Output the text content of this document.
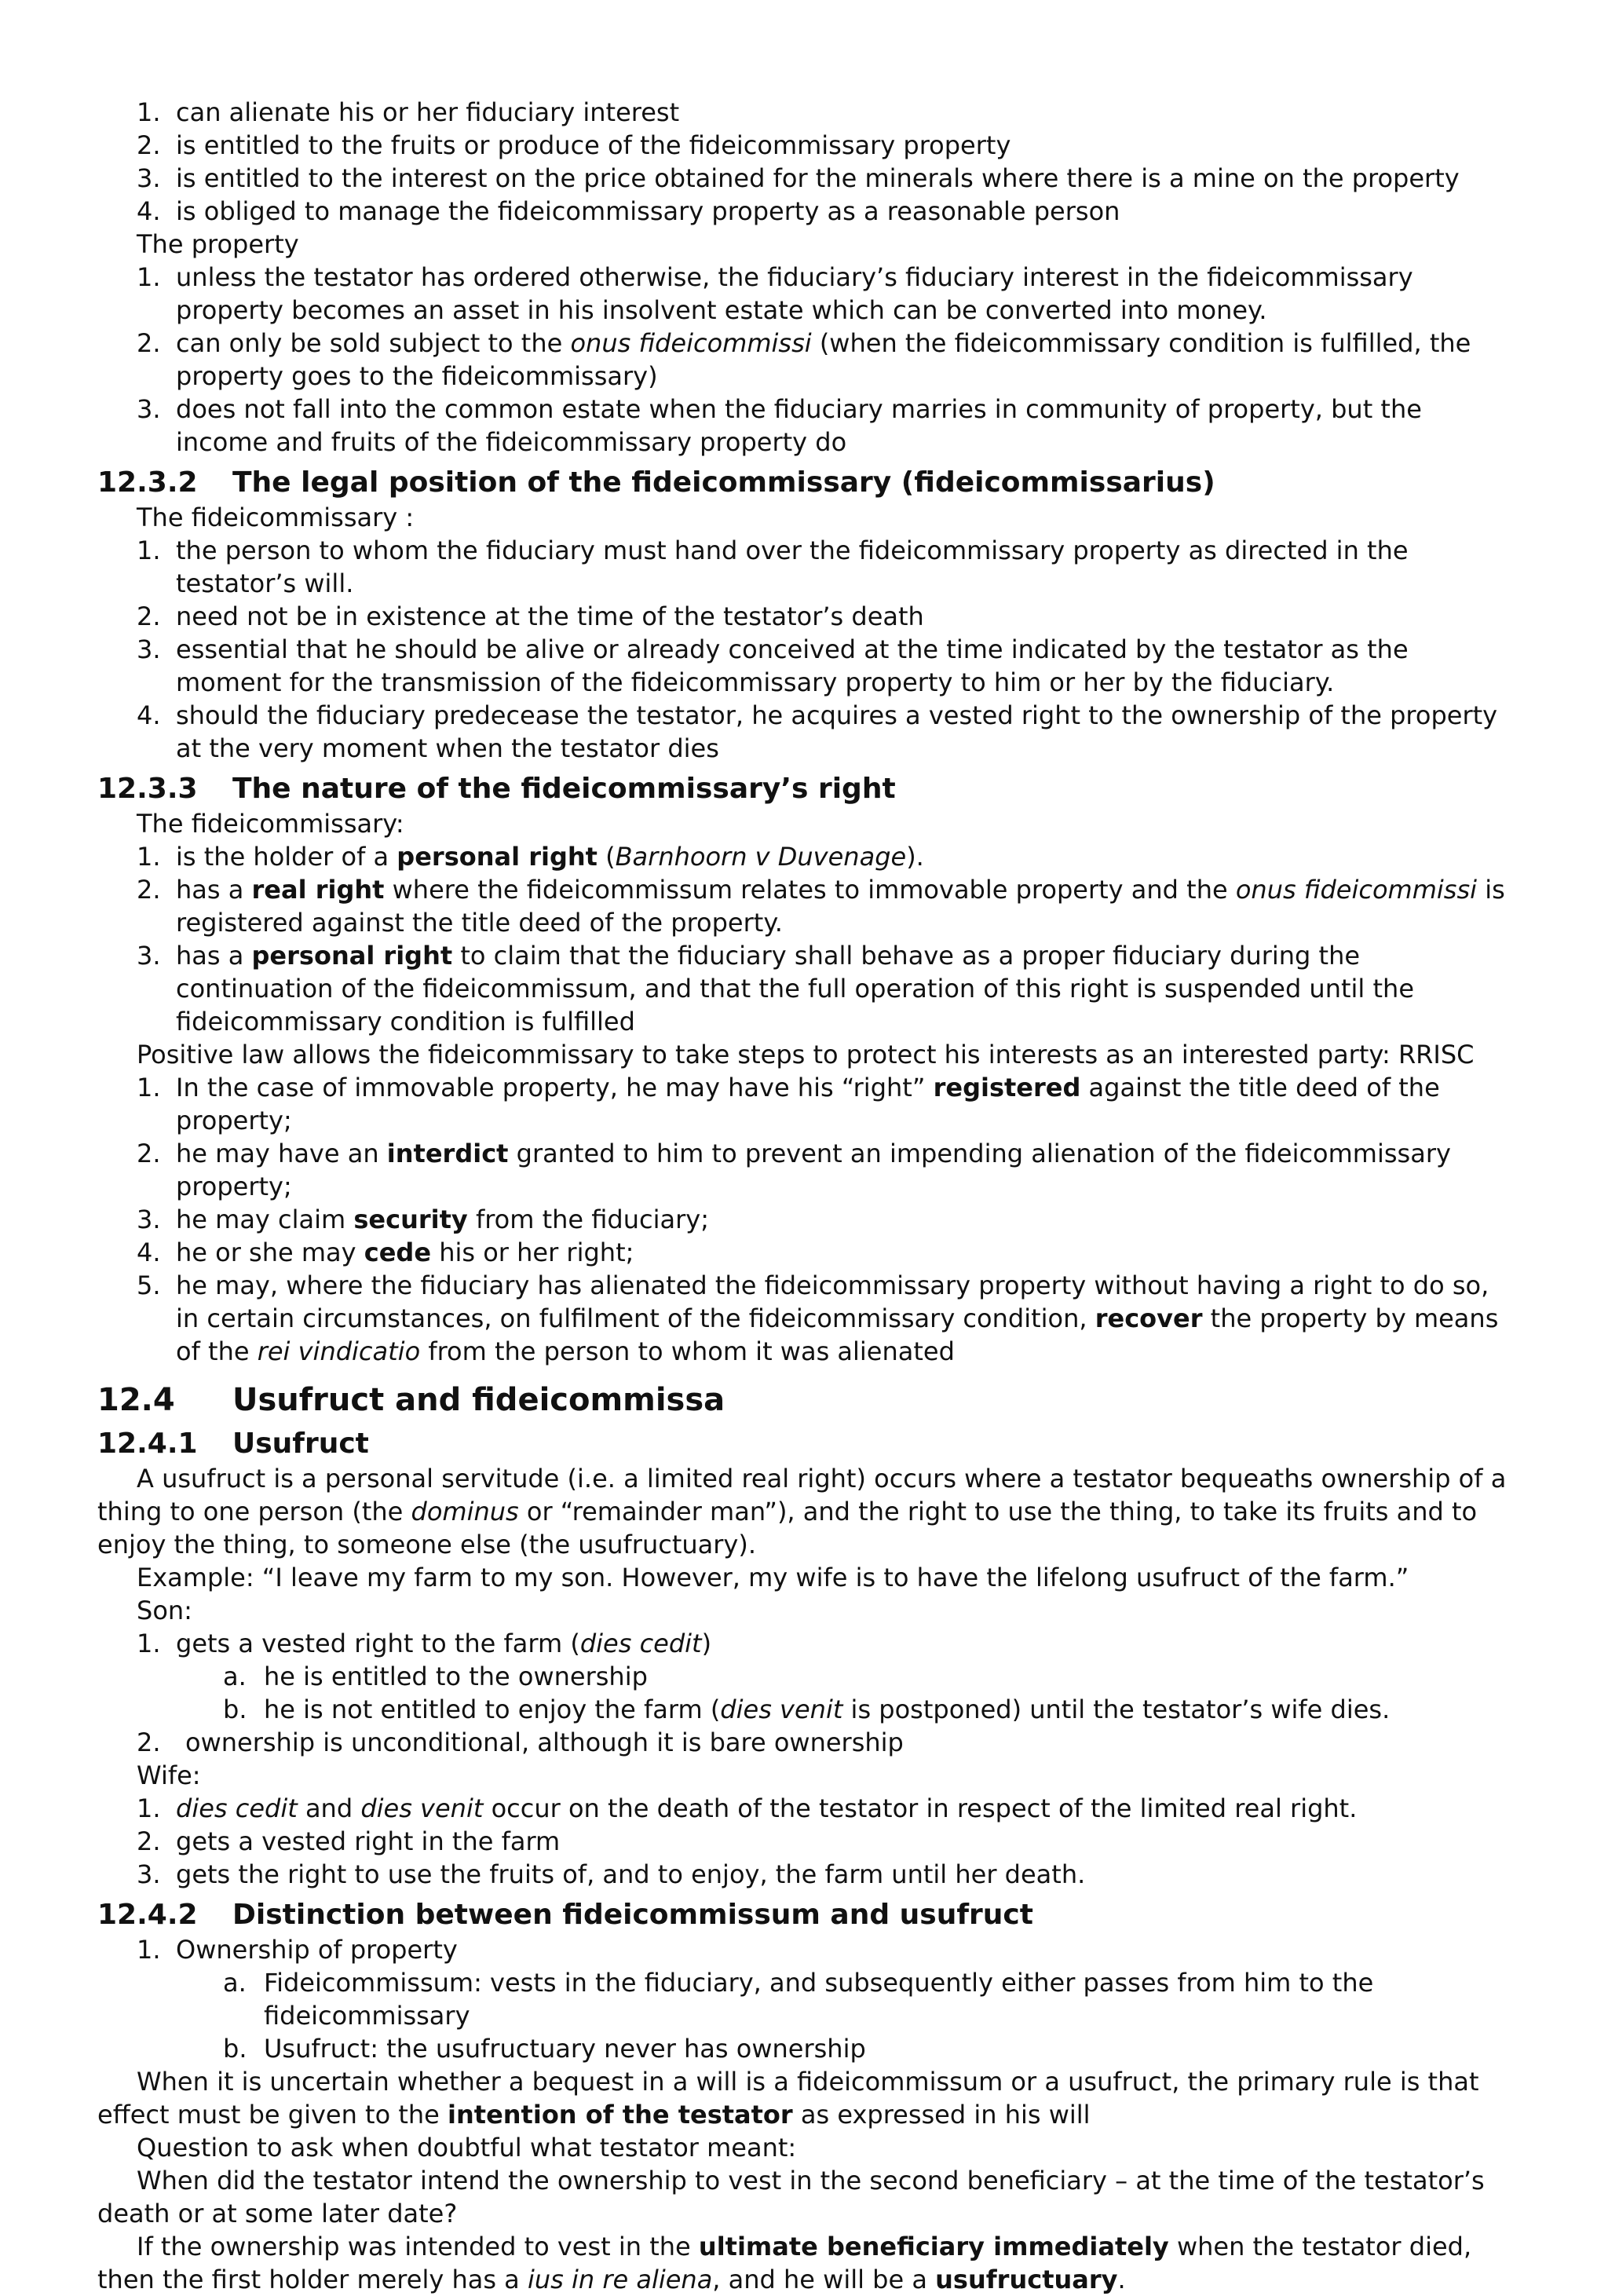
1. can alienate his or her fiduciary interest
2. is entitled to the fruits or produce of the fideicommissary property
3. is entitled to the interest on the price obtained for the minerals where there is a mine on the property
4. is obliged to manage the fideicommissary property as a reasonable person
The property
1. unless the testator has ordered otherwise, the fiduciary’s fiduciary interest in the fideicommissary property becomes an asset in his insolvent estate which can be converted into money.
2. can only be sold subject to the onus fideicommissi (when the fideicommissary condition is fulfilled, the property goes to the fideicommissary)
3. does not fall into the common estate when the fiduciary marries in community of property, but the income and fruits of the fideicommissary property do
12.3.2 The legal position of the fideicommissary (fideicommissarius)
The fideicommissary :
1. the person to whom the fiduciary must hand over the fideicommissary property as directed in the testator’s will.
2. need not be in existence at the time of the testator’s death
3. essential that he should be alive or already conceived at the time indicated by the testator as the moment for the transmission of the fideicommissary property to him or her by the fiduciary.
4. should the fiduciary predecease the testator, he acquires a vested right to the ownership of the property at the very moment when the testator dies
12.3.3 The nature of the fideicommissary’s right
The fideicommissary:
1. is the holder of a personal right (Barnhoorn v Duvenage).
2. has a real right where the fideicommissum relates to immovable property and the onus fideicommissi is registered against the title deed of the property.
3. has a personal right to claim that the fiduciary shall behave as a proper fiduciary during the continuation of the fideicommissum, and that the full operation of this right is suspended until the fideicommissary condition is fulfilled
Positive law allows the fideicommissary to take steps to protect his interests as an interested party: RRISC
1. In the case of immovable property, he may have his “right” registered against the title deed of the property;
2. he may have an interdict granted to him to prevent an impending alienation of the fideicommissary property;
3. he may claim security from the fiduciary;
4. he or she may cede his or her right;
5. he may, where the fiduciary has alienated the fideicommissary property without having a right to do so, in certain circumstances, on fulfilment of the fideicommissary condition, recover the property by means of the rei vindicatio from the person to whom it was alienated
12.4 Usufruct and fideicommissa
12.4.1 Usufruct
A usufruct is a personal servitude (i.e. a limited real right) occurs where a testator bequeaths ownership of a thing to one person (the dominus or “remainder man”), and the right to use the thing, to take its fruits and to enjoy the thing, to someone else (the usufructuary).
Example: “I leave my farm to my son. However, my wife is to have the lifelong usufruct of the farm.”
Son:
1. gets a vested right to the farm (dies cedit)
a. he is entitled to the ownership
b. he is not entitled to enjoy the farm (dies venit is postponed) until the testator’s wife dies.
2. ownership is unconditional, although it is bare ownership
Wife:
1. dies cedit and dies venit occur on the death of the testator in respect of the limited real right.
2. gets a vested right in the farm
3. gets the right to use the fruits of, and to enjoy, the farm until her death.
12.4.2 Distinction between fideicommissum and usufruct
1. Ownership of property
a. Fideicommissum: vests in the fiduciary, and subsequently either passes from him to the fideicommissary
b. Usufruct: the usufructuary never has ownership
When it is uncertain whether a bequest in a will is a fideicommissum or a usufruct, the primary rule is that effect must be given to the intention of the testator as expressed in his will
Question to ask when doubtful what testator meant:
When did the testator intend the ownership to vest in the second beneficiary – at the time of the testator’s death or at some later date?
If the ownership was intended to vest in the ultimate beneficiary immediately when the testator died, then the first holder merely has a ius in re aliena, and he will be a usufructuary.
